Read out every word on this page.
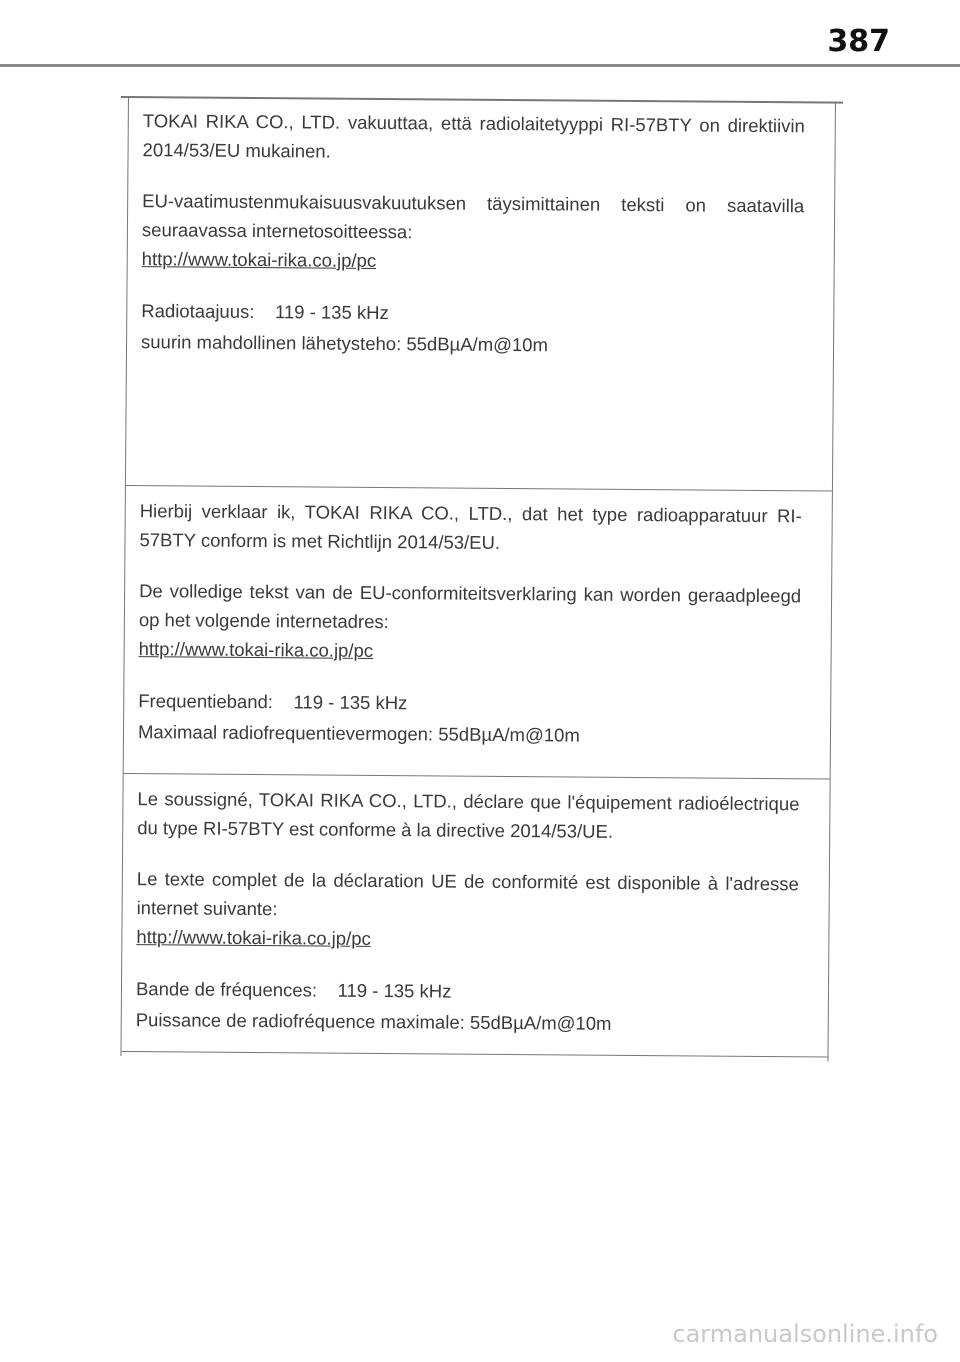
387

TOKAI RIKA CO., LTD. vakuuttaa, että radiolaitetyyppi RI-57BTY on direktiivin 2014/53/EU mukainen.

EU-vaatimustenmukaisuusvakuutuksen täysimittainen teksti on saatavilla seuraavassa internetosoitteessa:

http://www.tokai-rika.co.jp/pc

Radiotaajuus: 119 - 135 kHz

suurin mahdollinen lähetysteho: 55dBµA/m@10m

Hierbij verklaar ik, TOKAI RIKA CO., LTD., dat het type radioapparatuur RI-57BTY conform is met Richtlijn 2014/53/EU.

De volledige tekst van de EU-conformiteitsverklaring kan worden geraadpleegd op het volgende internetadres:

http://www.tokai-rika.co.jp/pc

Frequentieband: 119 - 135 kHz

Maximaal radiofrequentievermogen: 55dBµA/m@10m

Le soussigné, TOKAI RIKA CO., LTD., déclare que l'équipement radioélectrique du type RI-57BTY est conforme à la directive 2014/53/UE.

Le texte complet de la déclaration UE de conformité est disponible à l'adresse internet suivante:

http://www.tokai-rika.co.jp/pc

Bande de fréquences: 119 - 135 kHz

Puissance de radiofréquence maximale: 55dBµA/m@10m

carmanualsonline.info
